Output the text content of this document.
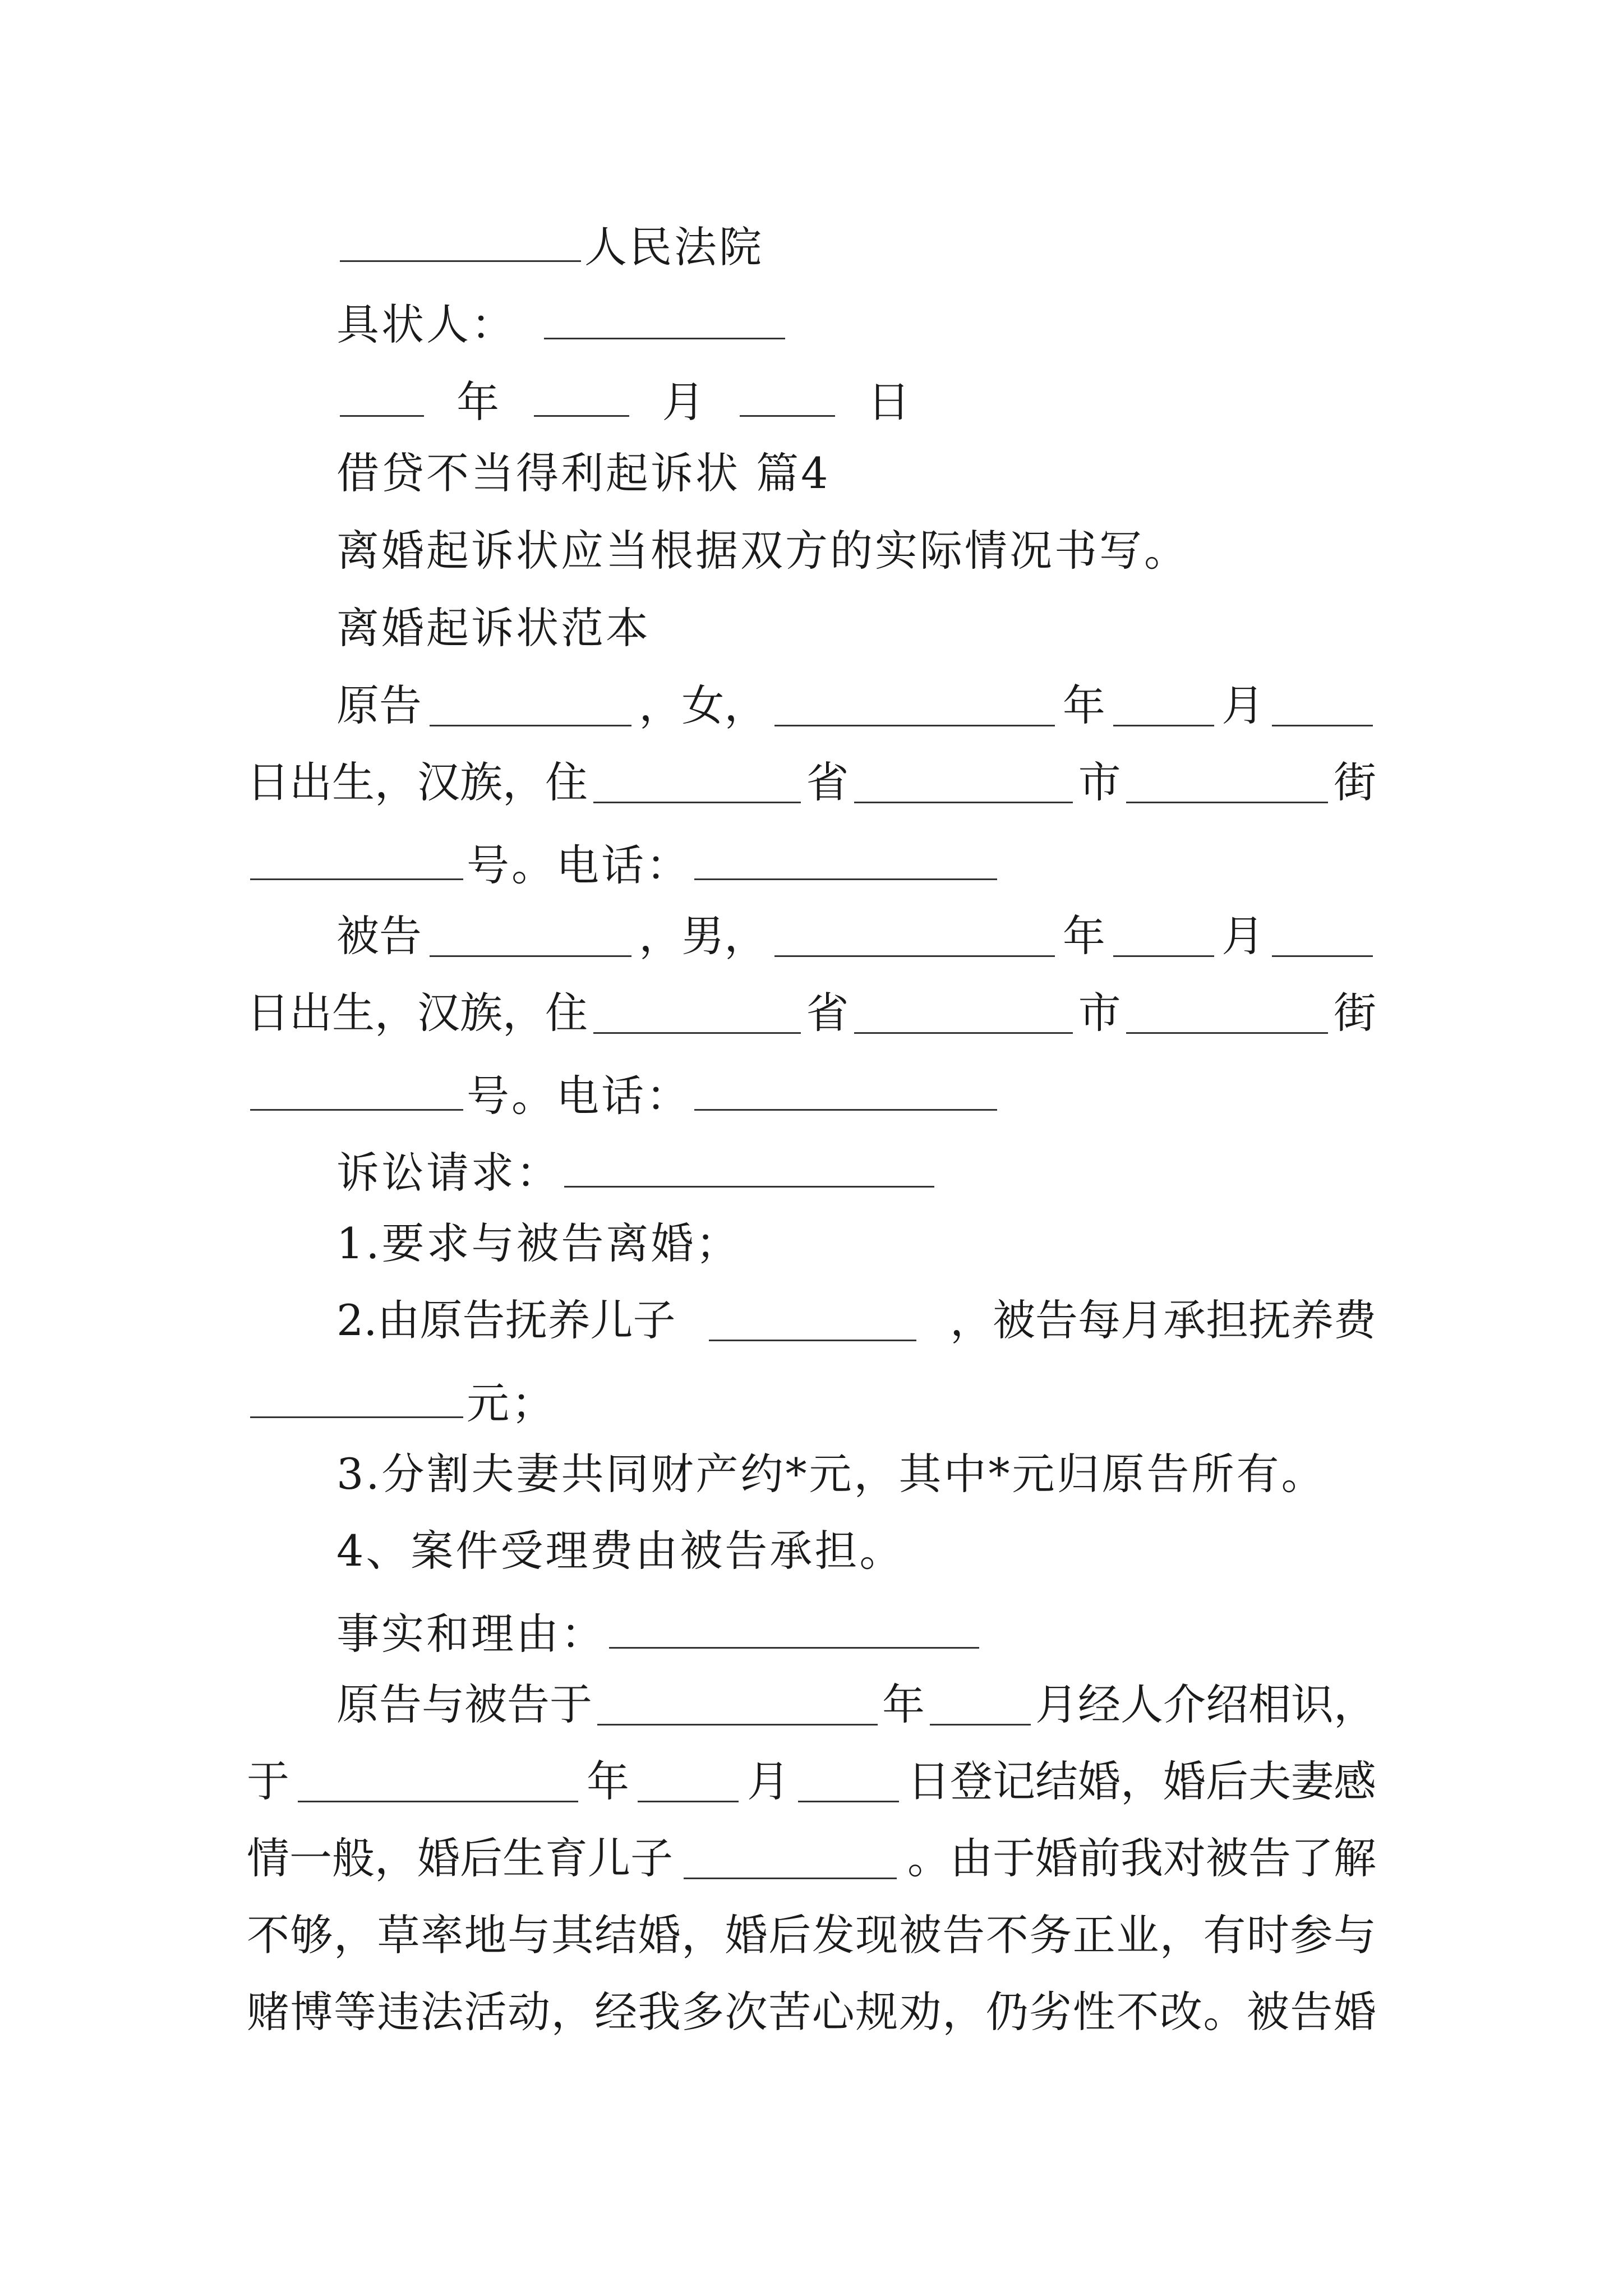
人民法院
具状人：
年	月	日
借贷不当得利起诉状 篇4
离婚起诉状应当根据双方的实际情况书写。
离婚起诉状范本
原告	，女，	年	月
日出生，汉族，住	省	市	街
号。电话：
被告	，男，	年	月
日出生，汉族，住	省	市	街
号。电话：
诉讼请求：
1.要求与被告离婚；
2.由原告抚养儿子	，被告每月承担抚养费
元；
3.分割夫妻共同财产约*元，其中*元归原告所有。
4、案件受理费由被告承担。
事实和理由：
原告与被告于	年	月经人介绍相识，
于	年	月	日登记结婚，婚后夫妻感
情一般，婚后生育儿子	。由于婚前我对被告了解
不 够 ， 草 率 地 与 其 结 婚 ， 婚 后 发 现 被 告 不 务 正 业 ， 有 时 参 与
赌 博 等 违 法 活 动 ， 经 我 多 次 苦 心 规 劝 ， 仍 劣 性 不 改 。 被 告 婚
